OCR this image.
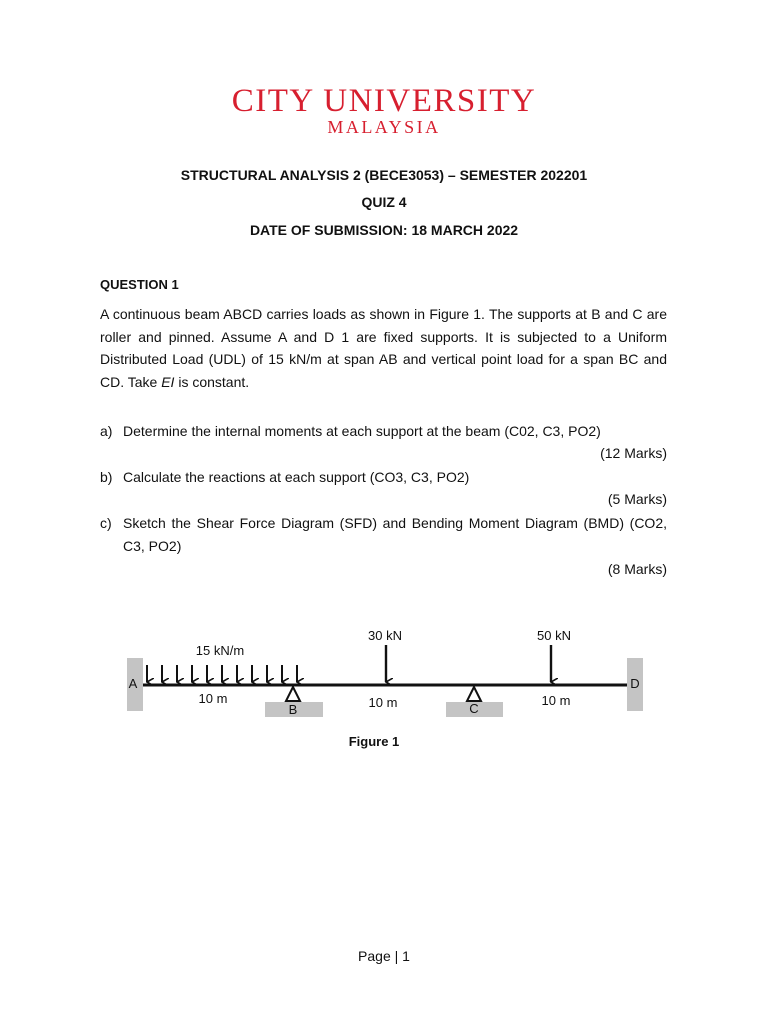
CITY UNIVERSITY
MALAYSIA
STRUCTURAL ANALYSIS 2 (BECE3053) – SEMESTER 202201
QUIZ 4
DATE OF SUBMISSION: 18 MARCH 2022
QUESTION 1

A continuous beam ABCD carries loads as shown in Figure 1. The supports at B and C are roller and pinned. Assume A and D 1 are fixed supports. It is subjected to a Uniform Distributed Load (UDL) of 15 kN/m at span AB and vertical point load for a span BC and CD. Take EI is constant.

a) Determine the internal moments at each support at the beam (C02, C3, PO2)
(12 Marks)
b) Calculate the reactions at each support (CO3, C3, PO2)
(5 Marks)
c) Sketch the Shear Force Diagram (SFD) and Bending Moment Diagram (BMD) (CO2, C3, PO2)
(8 Marks)
15 kN/m
30 kN	50 kN
10 m	10 m	10 m
A
B	C
D
Figure 1
Page | 1
